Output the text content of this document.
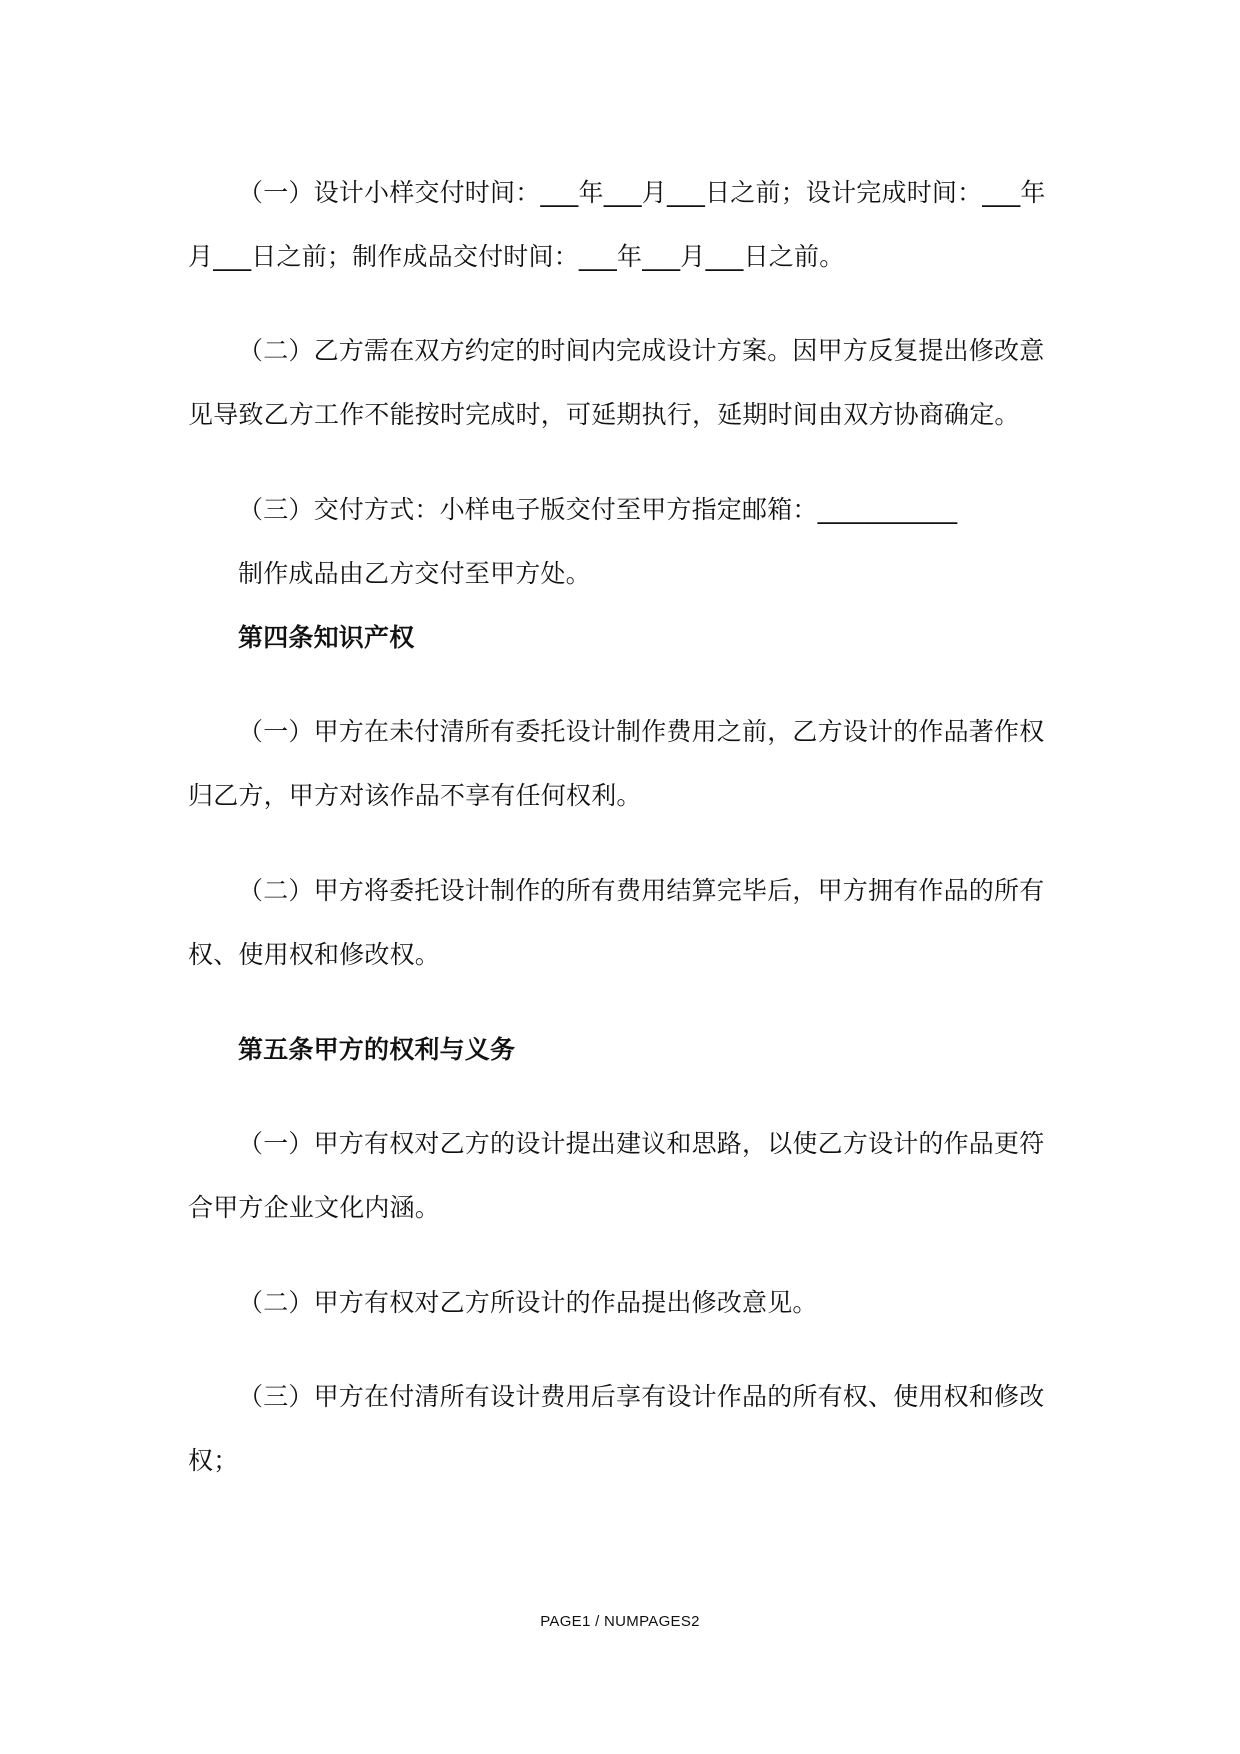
（一）设计小样交付时间：___年___月___日之前；设计完成时间：___年
月___日之前；制作成品交付时间：___年___月___日之前。
（二）乙方需在双方约定的时间内完成设计方案。因甲方反复提出修改意
见导致乙方工作不能按时完成时，可延期执行，延期时间由双方协商确定。
（三）交付方式：小样电子版交付至甲方指定邮箱：___________
制作成品由乙方交付至甲方处。
第四条知识产权
（一）甲方在未付清所有委托设计制作费用之前，乙方设计的作品著作权
归乙方，甲方对该作品不享有任何权利。
（二）甲方将委托设计制作的所有费用结算完毕后，甲方拥有作品的所有
权、使用权和修改权。
第五条甲方的权利与义务
（一）甲方有权对乙方的设计提出建议和思路，以使乙方设计的作品更符
合甲方企业文化内涵。
（二）甲方有权对乙方所设计的作品提出修改意见。
（三）甲方在付清所有设计费用后享有设计作品的所有权、使用权和修改
权；
PAGE1 / NUMPAGES2
